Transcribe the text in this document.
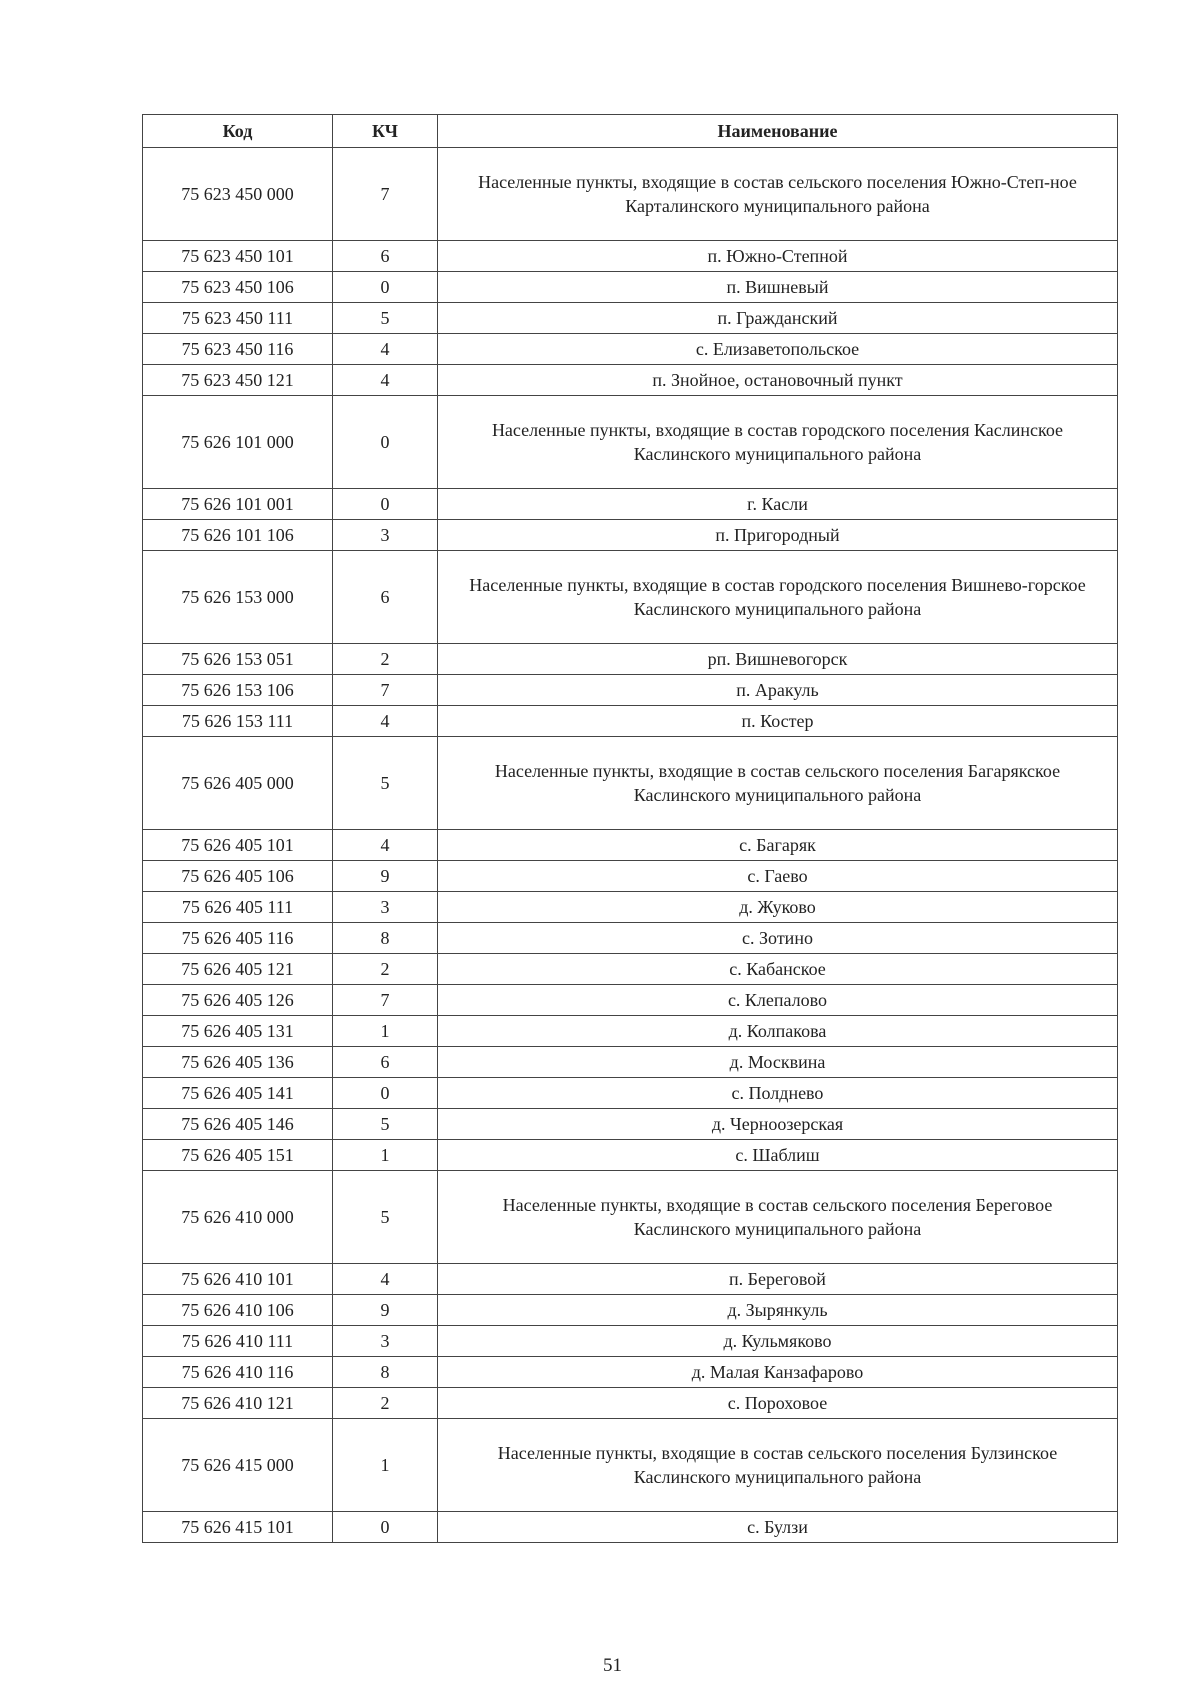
Код	КЧ	Наименование
75 623 450 000	7	Населенные пункты, входящие в состав сельского поселения Южно-Степ-ное Карталинского муниципального района
75 623 450 101	6	п. Южно-Степной
75 623 450 106	0	п. Вишневый
75 623 450 111	5	п. Гражданский
75 623 450 116	4	с. Елизаветопольское
75 623 450 121	4	п. Знойное, остановочный пункт
75 626 101 000	0	Населенные пункты, входящие в состав городского поселения Каслинское Каслинского муниципального района
75 626 101 001	0	г. Касли
75 626 101 106	3	п. Пригородный
75 626 153 000	6	Населенные пункты, входящие в состав городского поселения Вишнево-горское Каслинского муниципального района
75 626 153 051	2	рп. Вишневогорск
75 626 153 106	7	п. Аракуль
75 626 153 111	4	п. Костер
75 626 405 000	5	Населенные пункты, входящие в состав сельского поселения Багарякское Каслинского муниципального района
75 626 405 101	4	с. Багаряк
75 626 405 106	9	с. Гаево
75 626 405 111	3	д. Жуково
75 626 405 116	8	с. Зотино
75 626 405 121	2	с. Кабанское
75 626 405 126	7	с. Клепалово
75 626 405 131	1	д. Колпакова
75 626 405 136	6	д. Москвина
75 626 405 141	0	с. Полднево
75 626 405 146	5	д. Черноозерская
75 626 405 151	1	с. Шаблиш
75 626 410 000	5	Населенные пункты, входящие в состав сельского поселения Береговое Каслинского муниципального района
75 626 410 101	4	п. Береговой
75 626 410 106	9	д. Зырянкуль
75 626 410 111	3	д. Кульмяково
75 626 410 116	8	д. Малая Канзафарово
75 626 410 121	2	с. Пороховое
75 626 415 000	1	Населенные пункты, входящие в состав сельского поселения Булзинское Каслинского муниципального района
75 626 415 101	0	с. Булзи
51
